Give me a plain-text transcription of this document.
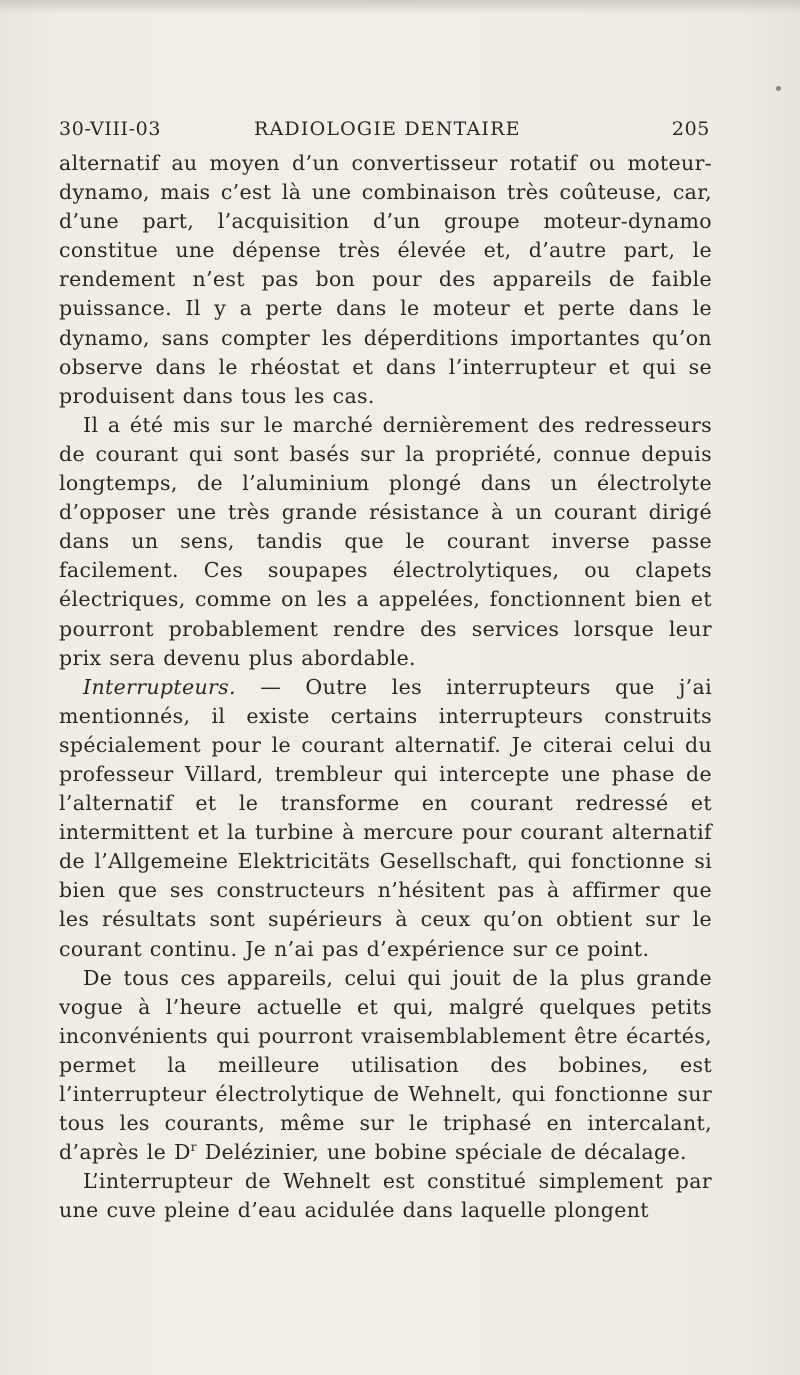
30-VIII-03	RADIOLOGIE DENTAIRE	205

alternatif au moyen d’un convertisseur rotatif ou moteur-dynamo, mais c’est là une combinaison très coûteuse, car, d’une part, l’acquisition d’un groupe moteur-dynamo constitue une dépense très élevée et, d’autre part, le rendement n’est pas bon pour des appareils de faible puissance. Il y a perte dans le moteur et perte dans le dynamo, sans compter les déperditions importantes qu’on observe dans le rhéostat et dans l’interrupteur et qui se produisent dans tous les cas.

Il a été mis sur le marché dernièrement des redresseurs de courant qui sont basés sur la propriété, connue depuis longtemps, de l’aluminium plongé dans un électrolyte d’opposer une très grande résistance à un courant dirigé dans un sens, tandis que le courant inverse passe facilement. Ces soupapes électrolytiques, ou clapets électriques, comme on les a appelées, fonctionnent bien et pourront probablement rendre des services lorsque leur prix sera devenu plus abordable.

Interrupteurs. — Outre les interrupteurs que j’ai mentionnés, il existe certains interrupteurs construits spécialement pour le courant alternatif. Je citerai celui du professeur Villard, trembleur qui intercepte une phase de l’alternatif et le transforme en courant redressé et intermittent et la turbine à mercure pour courant alternatif de l’Allgemeine Elektricitäts Gesellschaft, qui fonctionne si bien que ses constructeurs n’hésitent pas à affirmer que les résultats sont supérieurs à ceux qu’on obtient sur le courant continu. Je n’ai pas d’expérience sur ce point.

De tous ces appareils, celui qui jouit de la plus grande vogue à l’heure actuelle et qui, malgré quelques petits inconvénients qui pourront vraisemblablement être écartés, permet la meilleure utilisation des bobines, est l’interrupteur électrolytique de Wehnelt, qui fonctionne sur tous les courants, même sur le triphasé en intercalant, d’après le $D^r$ Delézinier, une bobine spéciale de décalage.

L’interrupteur de Wehnelt est constitué simplement par une cuve pleine d’eau acidulée dans laquelle plongent
